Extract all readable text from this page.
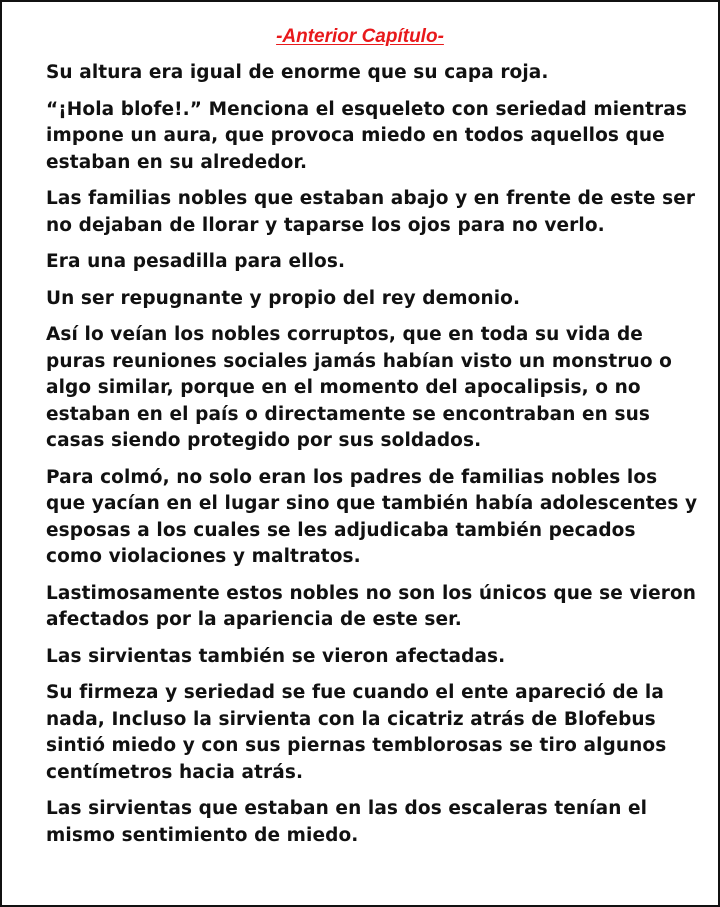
-Anterior Capítulo-

Su altura era igual de enorme que su capa roja.

“¡Hola blofe!.” Menciona el esqueleto con seriedad mientras
impone un aura, que provoca miedo en todos aquellos que
estaban en su alrededor.

Las familias nobles que estaban abajo y en frente de este ser
no dejaban de llorar y taparse los ojos para no verlo.

Era una pesadilla para ellos.

Un ser repugnante y propio del rey demonio.

Así lo veían los nobles corruptos, que en toda su vida de
puras reuniones sociales jamás habían visto un monstruo o
algo similar, porque en el momento del apocalipsis, o no
estaban en el país o directamente se encontraban en sus
casas siendo protegido por sus soldados.

Para colmó, no solo eran los padres de familias nobles los
que yacían en el lugar sino que también había adolescentes y
esposas a los cuales se les adjudicaba también pecados
como violaciones y maltratos.

Lastimosamente estos nobles no son los únicos que se vieron
afectados por la apariencia de este ser.

Las sirvientas también se vieron afectadas.

Su firmeza y seriedad se fue cuando el ente apareció de la
nada, Incluso la sirvienta con la cicatriz atrás de Blofebus
sintió miedo y con sus piernas temblorosas se tiro algunos
centímetros hacia atrás.

Las sirvientas que estaban en las dos escaleras tenían el
mismo sentimiento de miedo.
